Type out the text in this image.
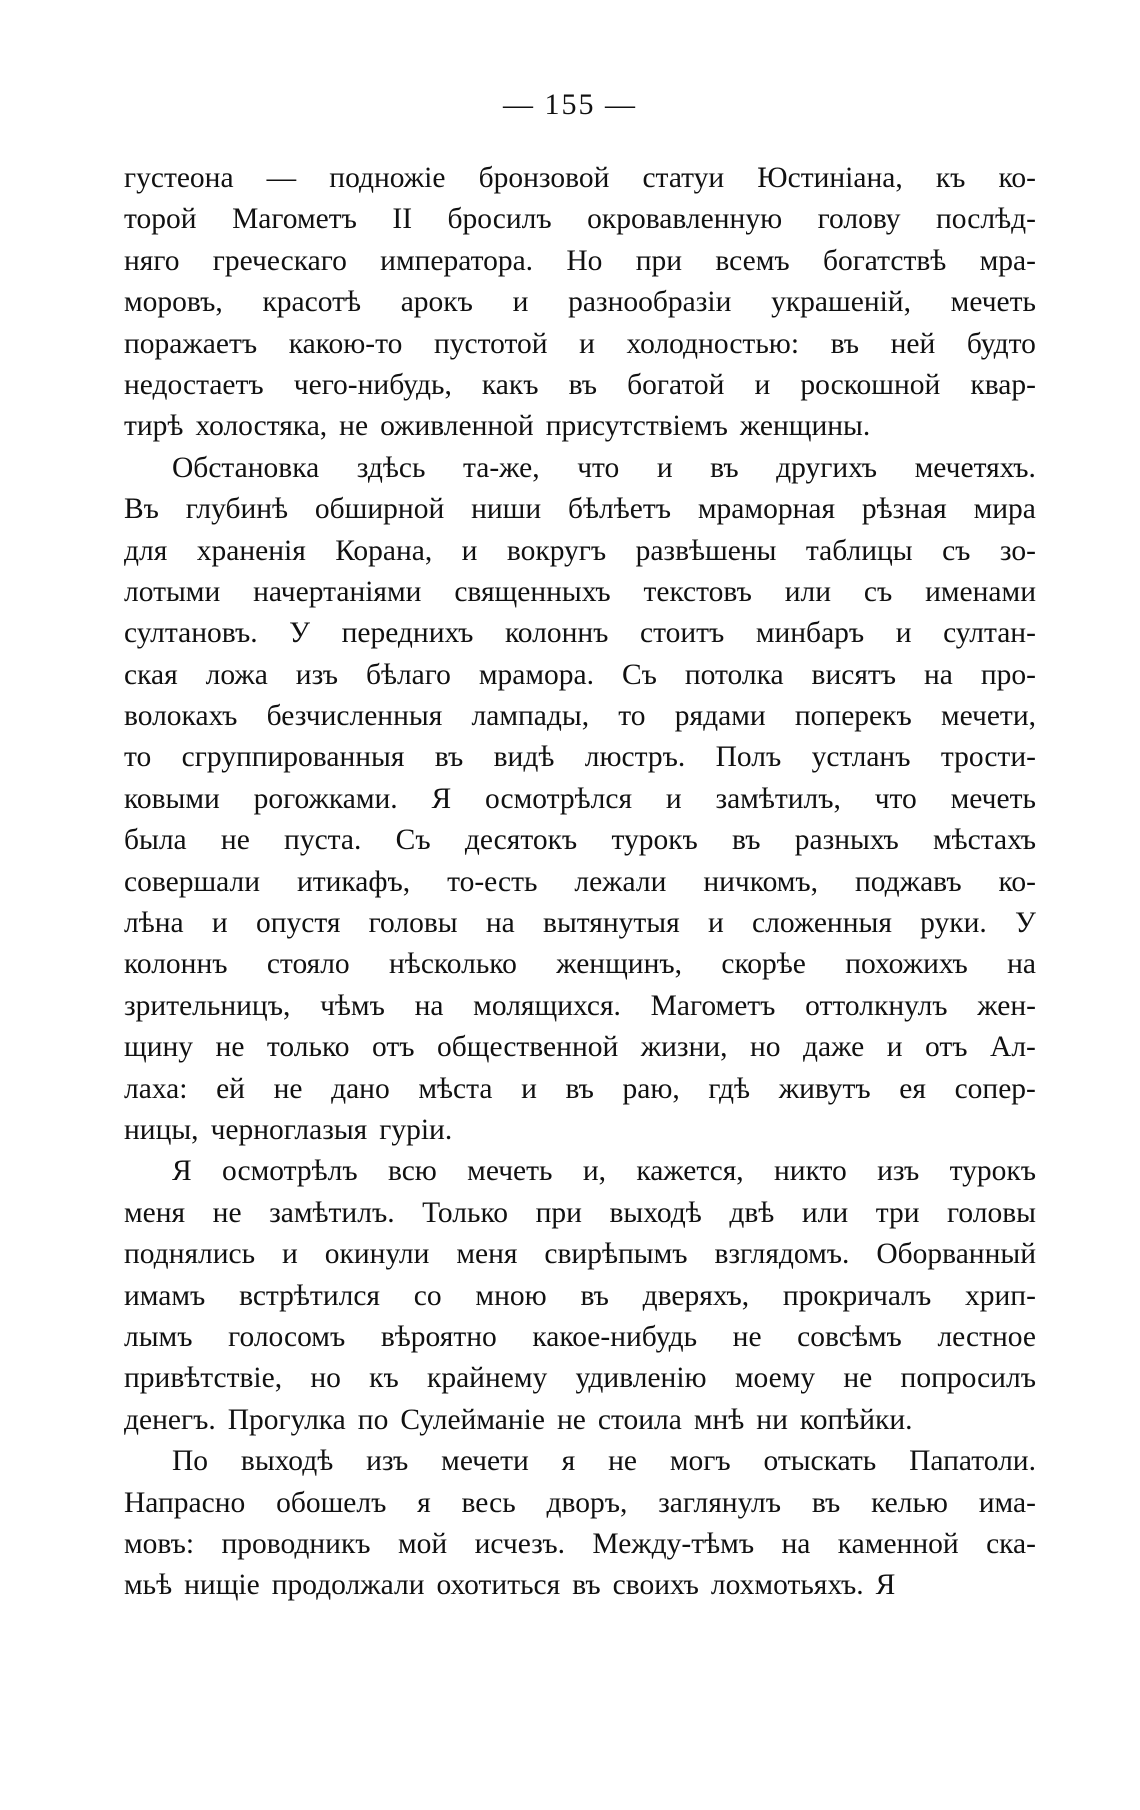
— 155 —
густеона — подножіе бронзовой статуи Юстиніана, къ ко-
торой Магометъ II бросилъ окровавленную голову послѣд-
няго греческаго императора. Но при всемъ богатствѣ мра-
моровъ, красотѣ арокъ и разнообразіи украшеній, мечеть
поражаетъ какою-то пустотой и холодностью: въ ней будто
недостаетъ чего-нибудь, какъ въ богатой и роскошной квар-
тирѣ холостяка, не оживленной присутствіемъ женщины.
Обстановка здѣсь та-же, что и въ другихъ мечетяхъ.
Въ глубинѣ обширной ниши бѣлѣетъ мраморная рѣзная мира
для храненія Корана, и вокругъ развѣшены таблицы съ зо-
лотыми начертаніями священныхъ текстовъ или съ именами
султановъ. У переднихъ колоннъ стоитъ минбаръ и султан-
ская ложа изъ бѣлаго мрамора. Съ потолка висятъ на про-
волокахъ безчисленныя лампады, то рядами поперекъ мечети,
то сгруппированныя въ видѣ люстръ. Полъ устланъ трости-
ковыми рогожками. Я осмотрѣлся и замѣтилъ, что мечеть
была не пуста. Съ десятокъ турокъ въ разныхъ мѣстахъ
совершали итикафъ, то-есть лежали ничкомъ, поджавъ ко-
лѣна и опустя головы на вытянутыя и сложенныя руки. У
колоннъ стояло нѣсколько женщинъ, скорѣе похожихъ на
зрительницъ, чѣмъ на молящихся. Магометъ оттолкнулъ жен-
щину не только отъ общественной жизни, но даже и отъ Ал-
лаха: ей не дано мѣста и въ раю, гдѣ живутъ ея сопер-
ницы, черноглазыя гуріи.
Я осмотрѣлъ всю мечеть и, кажется, никто изъ турокъ
меня не замѣтилъ. Только при выходѣ двѣ или три головы
поднялись и окинули меня свирѣпымъ взглядомъ. Оборванный
имамъ встрѣтился со мною въ дверяхъ, прокричалъ хрип-
лымъ голосомъ вѣроятно какое-нибудь не совсѣмъ лестное
привѣтствіе, но къ крайнему удивленію моему не попросилъ
денегъ. Прогулка по Сулейманіе не стоила мнѣ ни копѣйки.
По выходѣ изъ мечети я не могъ отыскать Папатоли.
Напрасно обошелъ я весь дворъ, заглянулъ въ келью има-
мовъ: проводникъ мой исчезъ. Между-тѣмъ на каменной ска-
мьѣ нищіе продолжали охотиться въ своихъ лохмотьяхъ. Я
